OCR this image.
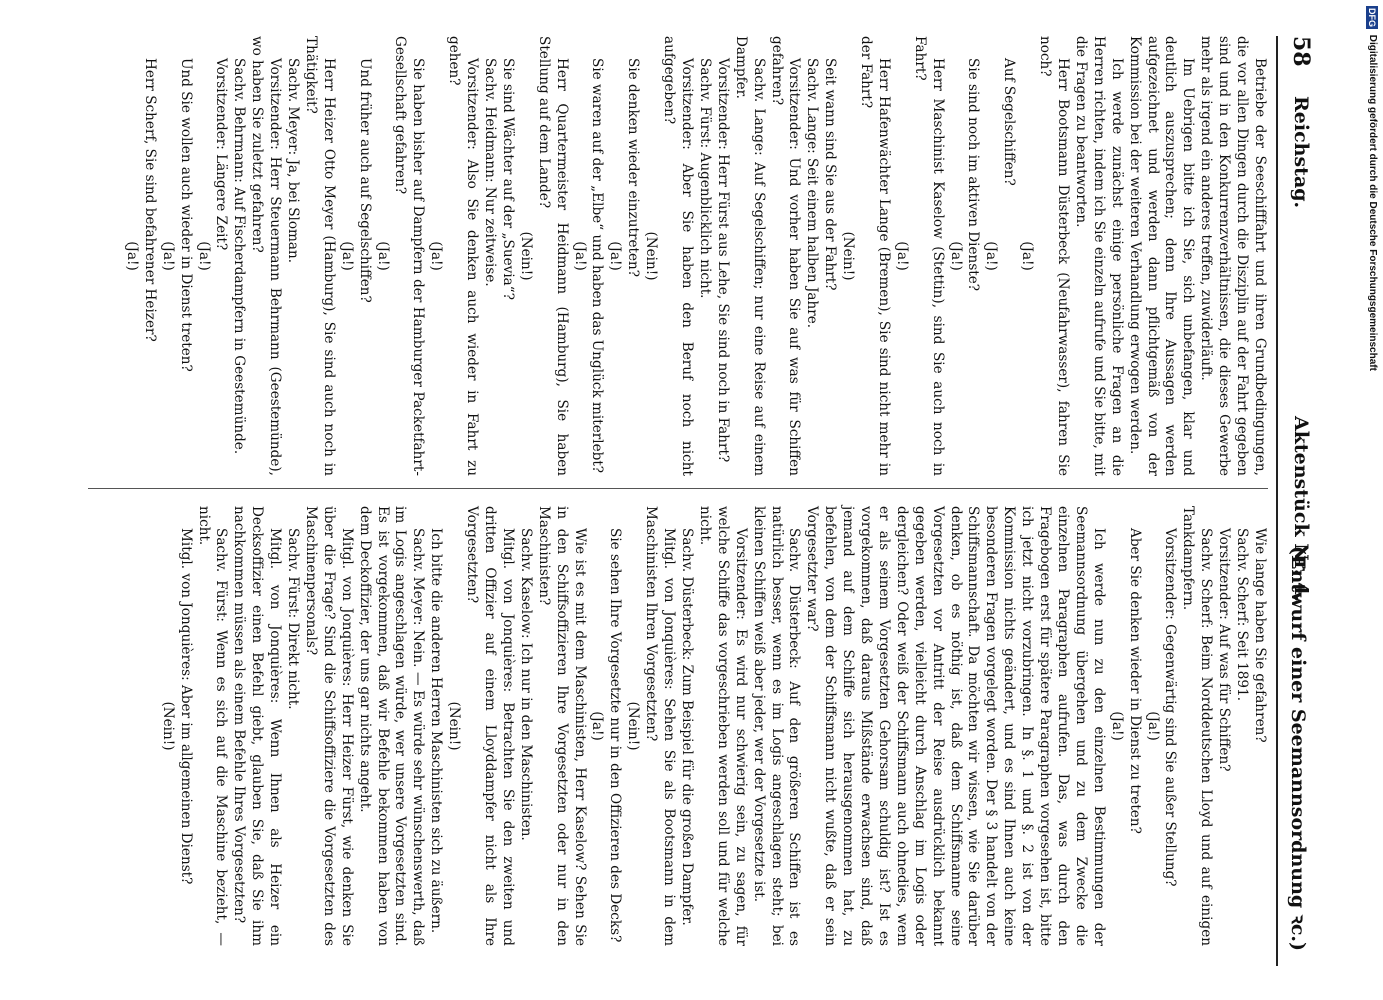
58
Reichstag.
Aktenstück Nr. 4.
(Entwurf einer Seemannsordnung ꝛc.)

Betriebe der Seeschifffahrt und ihren Grundbedingungen, die vor allen Dingen durch die Disziplin auf der Fahrt gegeben sind und in den Konkurrenzverhältnissen, die dieses Gewerbe mehr als irgend ein anderes treffen, zuwiderläuft.

Im Uebrigen bitte ich Sie, sich unbefangen, klar und deutlich auszusprechen; denn Ihre Aussagen werden aufgezeichnet und werden dann pflichtgemäß von der Kommission bei der weiteren Verhandlung erwogen werden.

Ich werde zunächst einige persönliche Fragen an die Herren richten, indem ich Sie einzeln aufrufe und Sie bitte, mit die Fragen zu beantworten.

Herr Bootsmann Düsterbeck (Neufahrwasser), fahren Sie noch?

(Ja!)

Auf Segelschiffen?

(Ja!)

Sie sind noch im aktiven Dienste?

(Ja!)

Herr Maschinist Kaselow (Stettin), sind Sie auch noch in Fahrt?

(Ja!)

Herr Hafenwächter Lange (Bremen), Sie sind nicht mehr in der Fahrt?

(Nein!)

Seit wann sind Sie aus der Fahrt?

Sachv. Lange: Seit einem halben Jahre.

Vorsitzender: Und vorher haben Sie auf was für Schiffen gefahren?

Sachv. Lange: Auf Segelschiffen; nur eine Reise auf einem Dampfer.

Vorsitzender: Herr Fürst aus Lehe, Sie sind noch in Fahrt?

Sachv. Fürst: Augenblicklich nicht.

Vorsitzender: Aber Sie haben den Beruf noch nicht aufgegeben?

(Nein!)

Sie denken wieder einzutreten?

(Ja!)

Sie waren auf der „Elbe“ und haben das Unglück miterlebt?

(Ja!)

Herr Quartermeister Heidmann (Hamburg), Sie haben Stellung auf dem Lande?

(Nein!)

Sie sind Wächter auf der „Suevia“?

Sachv. Heidmann: Nur zeitweise.

Vorsitzender: Also Sie denken auch wieder in Fahrt zu gehen?

(Ja!)

Sie haben bisher auf Dampfern der Hamburger Packetfahrt-Gesellschaft gefahren?

(Ja!)

Und früher auch auf Segelschiffen?

(Ja!)

Herr Heizer Otto Meyer (Hamburg), Sie sind auch noch in Thätigkeit?

Sachv. Meyer: Ja, bei Sloman.

Vorsitzender: Herr Steuermann Behrmann (Geestemünde), wo haben Sie zuletzt gefahren?

Sachv. Behrmann: Auf Fischerdampfern in Geestemünde.

Vorsitzender: Längere Zeit?

(Ja!)

Und Sie wollen auch wieder in Dienst treten?

(Ja!)

Herr Scherf, Sie sind befahrener Heizer?

(Ja!)

Wie lange haben Sie gefahren?

Sachv. Scherf: Seit 1891.

Vorsitzender: Auf was für Schiffen?

Sachv. Scherf: Beim Norddeutschen Lloyd und auf einigen Tankdampfern.

Vorsitzender: Gegenwärtig sind Sie außer Stellung?

(Ja!)

Aber Sie denken wieder in Dienst zu treten?

(Ja!)

Ich werde nun zu den einzelnen Bestimmungen der Seemannsordnung übergehen und zu dem Zwecke die einzelnen Paragraphen aufrufen. Das, was durch den Fragebogen erst für spätere Paragraphen vorgesehen ist, bitte ich jetzt nicht vorzubringen. In §. 1 und §. 2 ist von der Kommission nichts geändert, und es sind Ihnen auch keine besonderen Fragen vorgelegt worden. Der § 3 handelt von der Schiffsmannschaft. Da möchten wir wissen, wie Sie darüber denken, ob es nöthig ist, daß dem Schiffsmanne seine Vorgesetzten vor Antritt der Reise ausdrücklich bekannt gegeben werden, vielleicht durch Anschlag im Logis oder dergleichen? Oder weiß der Schiffsmann auch ohnedies, wem er als seinem Vorgesetzten Gehorsam schuldig ist? Ist es vorgekommen, daß daraus Mißstände erwachsen sind, daß jemand auf dem Schiffe sich herausgenommen hat, zu befehlen, von dem der Schiffsmann nicht wußte, daß er sein Vorgesetzter war?

Sachv. Düsterbeck: Auf den größeren Schiffen ist es natürlich besser, wenn es im Logis angeschlagen steht; bei kleinen Schiffen weiß aber jeder, wer der Vorgesetzte ist.

Vorsitzender: Es wird nur schwierig sein, zu sagen, für welche Schiffe das vorgeschrieben werden soll und für welche nicht.

Sachv. Düsterbeck: Zum Beispiel für die großen Dampfer.

Mitgl. von Jonquières: Sehen Sie als Bootsmann in dem Maschinisten Ihren Vorgesetzten?

(Nein!)

Sie sehen Ihre Vorgesetzte nur in den Offizieren des Decks?

(Ja!)

Wie ist es mit dem Maschinisten, Herr Kaselow? Sehen Sie in den Schiffsoffizieren Ihre Vorgesetzten oder nur in den Maschinisten?

Sachv. Kaselow: Ich nur in den Maschinisten.

Mitgl. von Jonquières: Betrachten Sie den zweiten und dritten Offizier auf einem Lloyddampfer nicht als Ihre Vorgesetzten?

(Nein!)

Ich bitte die anderen Herren Maschinisten sich zu äußern.

Sachv. Meyer: Nein. — Es würde sehr wünschenswerth, daß im Logis angeschlagen würde, wer unsere Vorgesetzten sind. Es ist vorgekommen, daß wir Befehle bekommen haben von dem Deckoffizier, der uns gar nichts angeht.

Mitgl. von Jonquières: Herr Heizer Fürst, wie denken Sie über die Frage? Sind die Schiffsoffiziere die Vorgesetzten des Maschinenpersonals?

Sachv. Fürst: Direkt nicht.

Mitgl. von Jonquières: Wenn Ihnen als Heizer ein Decksoffizier einen Befehl giebt, glauben Sie, daß Sie ihm nachkommen müssen als einem Befehle Ihres Vorgesetzten?

Sachv. Fürst: Wenn es sich auf die Maschine bezieht, — nicht.

Mitgl. von Jonquières: Aber im allgemeinen Dienst?

(Nein!)

DFG Digitalisierung gefördert durch die Deutsche Forschungsgemeinschaft
